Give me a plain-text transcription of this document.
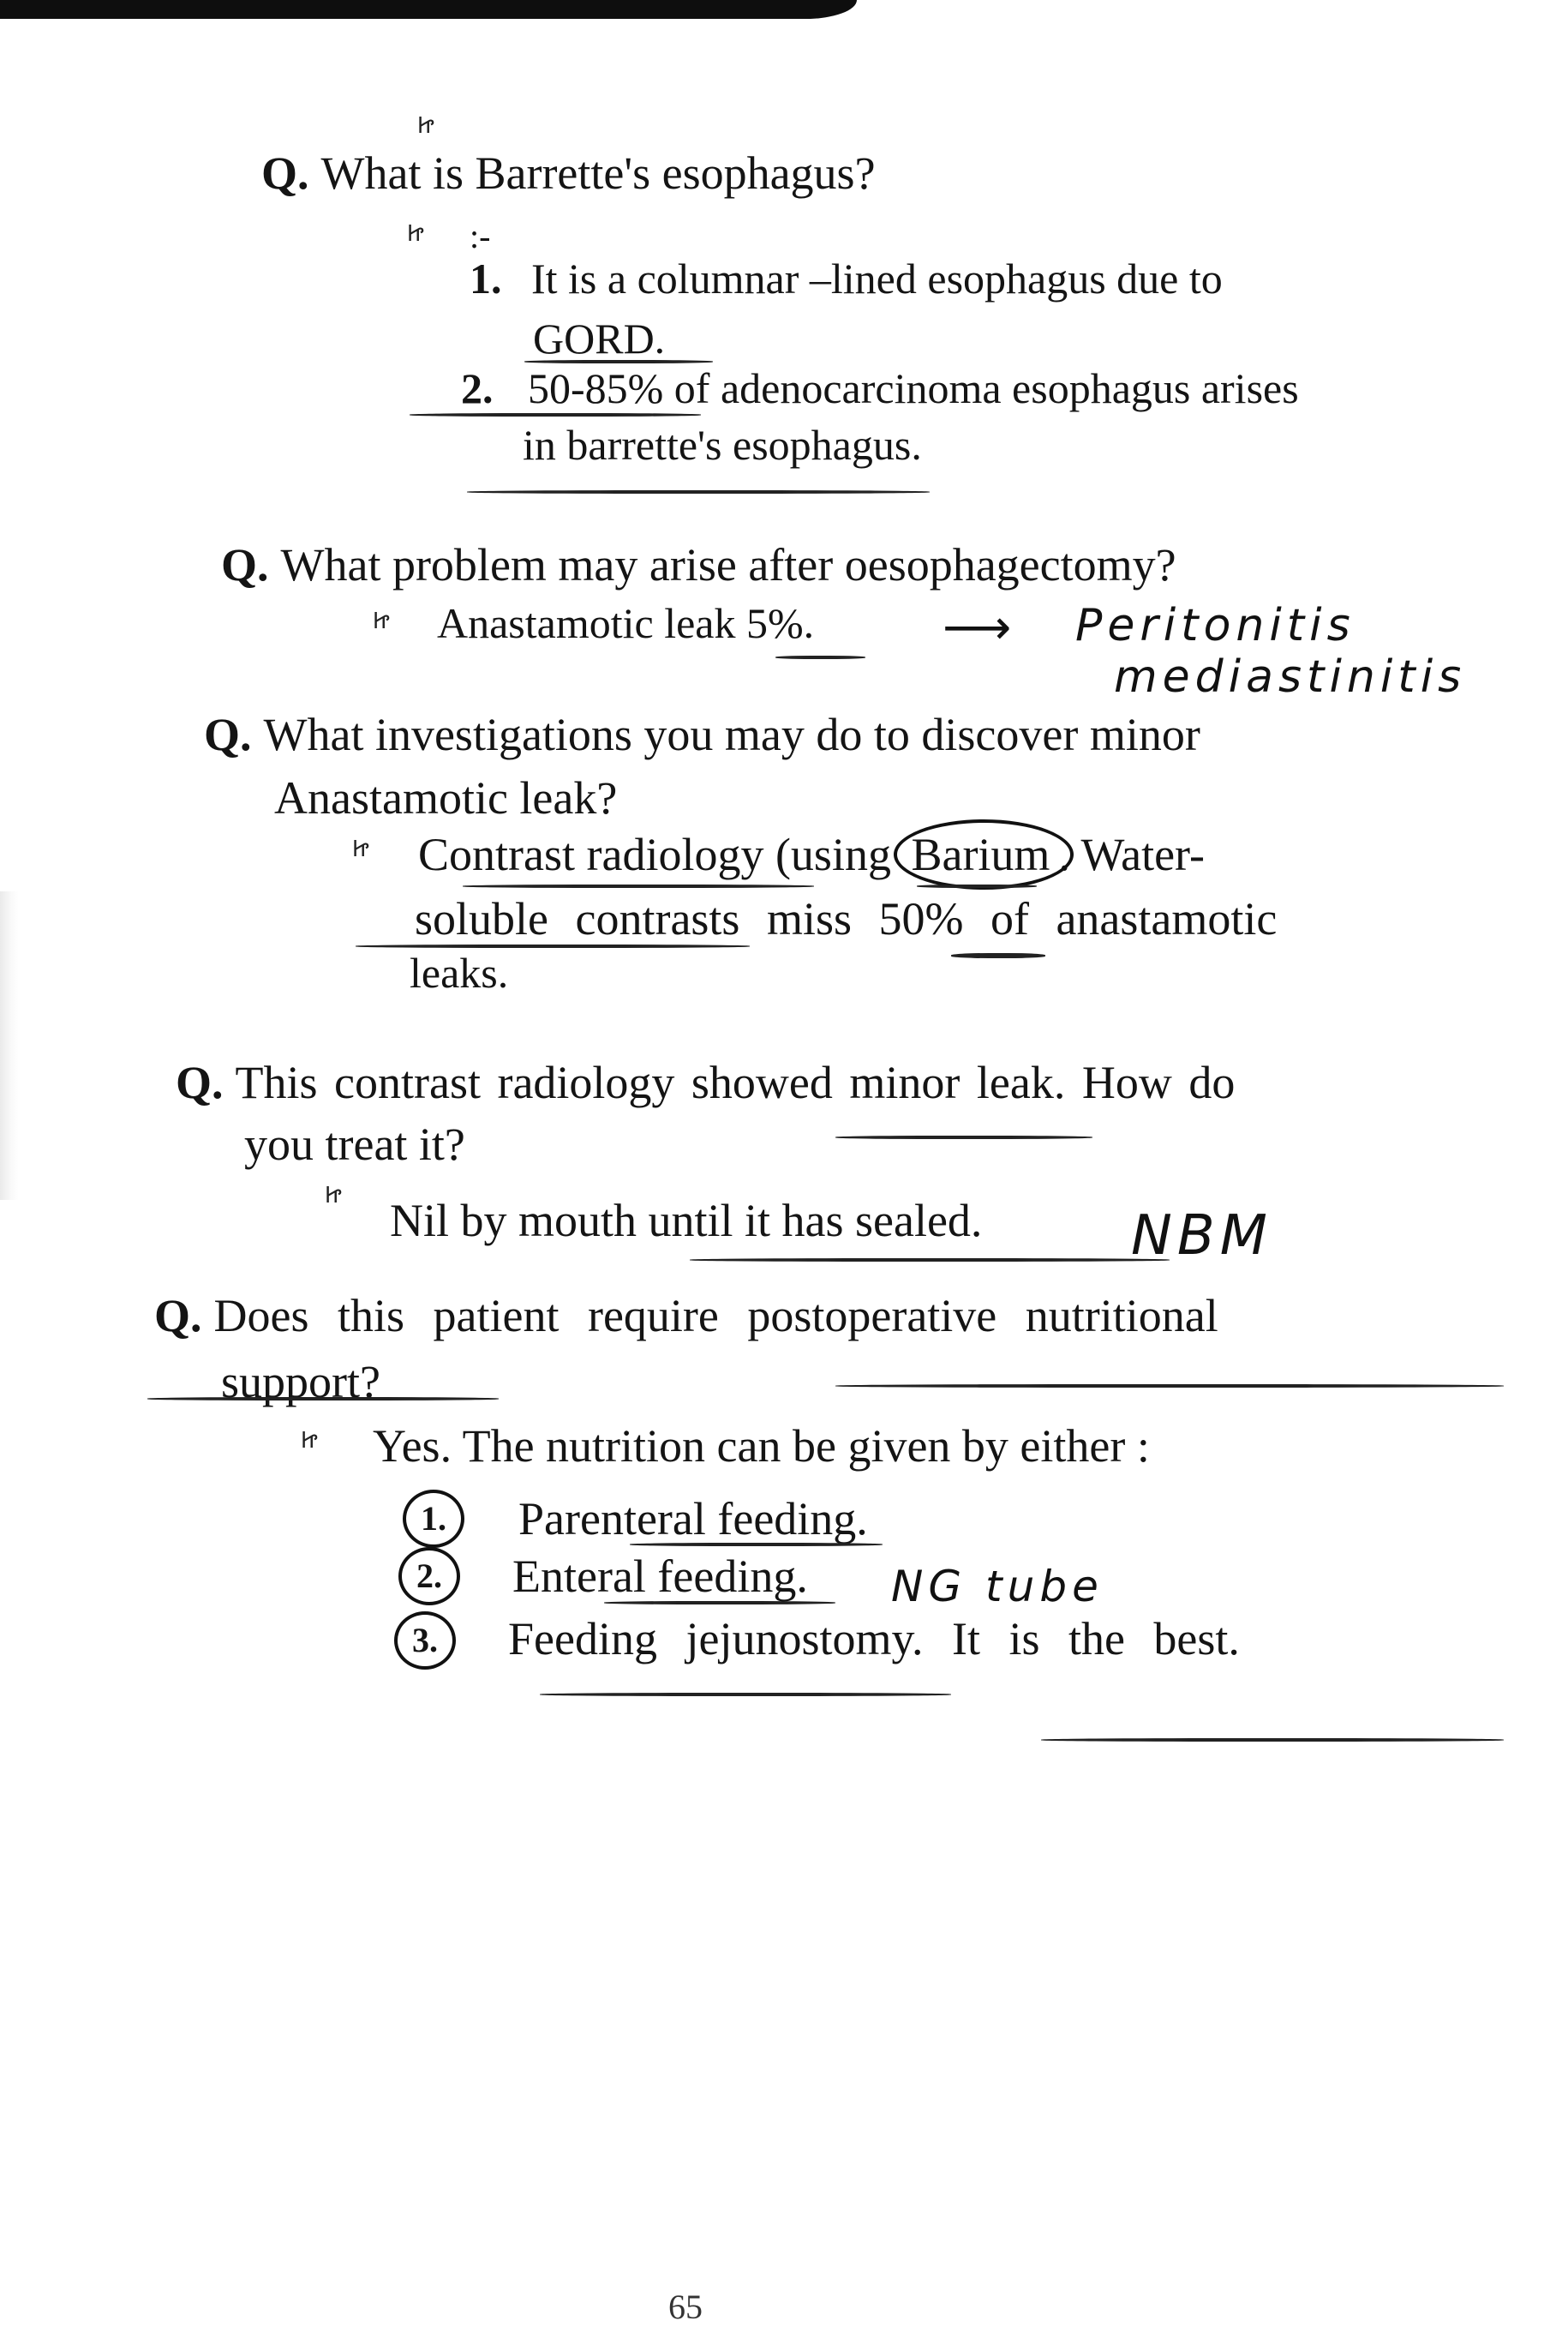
Ꮵ
Q. What is Barrette's esophagus?
Ꮵ :-
1. It is a columnar –lined esophagus due to
GORD.
2. 50-85% of adenocarcinoma esophagus arises
in barrette's esophagus.
Q. What problem may arise after oesophagectomy?
Ꮵ Anastamotic leak 5%.	⟶ Peritonitis
mediastinitis
Q. What investigations you may do to discover minor
Anastamotic leak?
Ꮵ Contrast radiology (using Barium . Water-
soluble contrasts miss 50% of anastamotic
leaks.
Q. This contrast radiology showed minor leak. How do
you treat it?
Ꮵ Nil by mouth until it has sealed.	NBM
Q. Does this patient require postoperative nutritional
support?
Ꮵ Yes. The nutrition can be given by either :
1.	Parenteral feeding.
2.	Enteral feeding. NG tube
3.	Feeding jejunostomy. It is the best.
65
